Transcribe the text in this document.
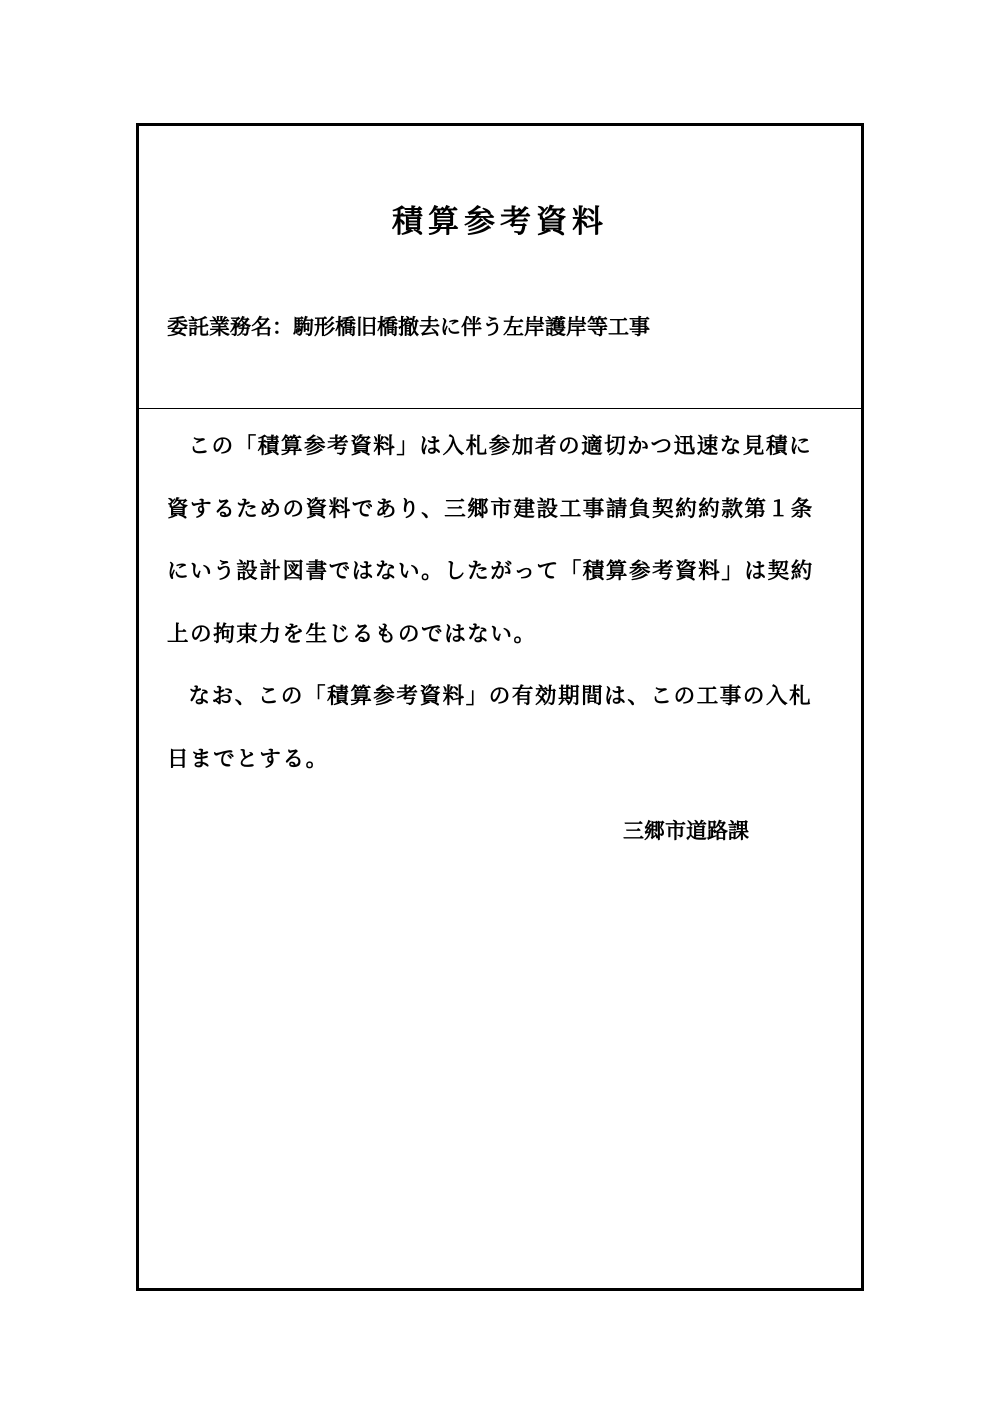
積算参考資料
委託業務名：駒形橋旧橋撤去に伴う左岸護岸等工事

この「積算参考資料」は入札参加者の適切かつ迅速な見積に資するための資料であり、三郷市建設工事請負契約約款第１条にいう設計図書ではない。したがって「積算参考資料」は契約上の拘束力を生じるものではない。

なお、この「積算参考資料」の有効期間は、この工事の入札日までとする。

三郷市道路課
